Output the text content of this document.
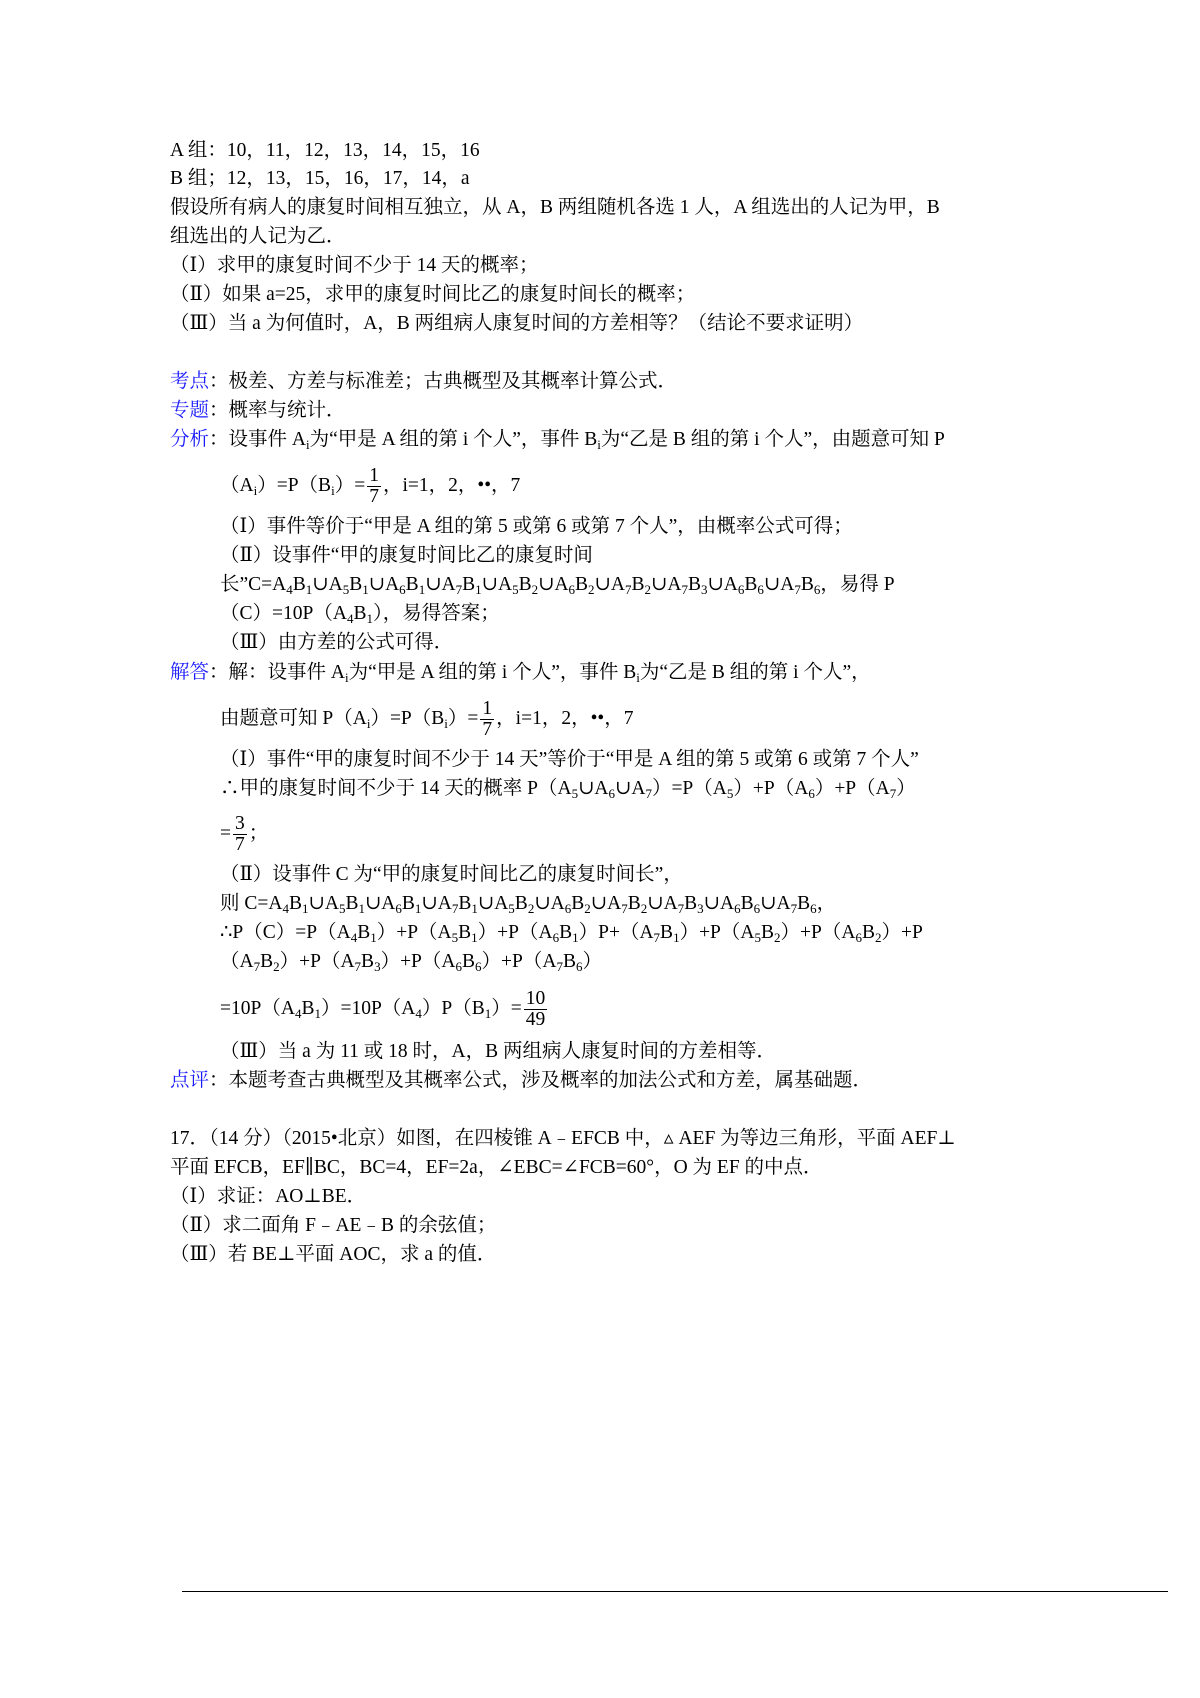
A 组：10，11，12，13，14，15，16
B 组；12，13，15，16，17，14，a
假设所有病人的康复时间相互独立，从 A，B 两组随机各选 1 人，A 组选出的人记为甲，B
组选出的人记为乙．
（Ⅰ）求甲的康复时间不少于 14 天的概率；
（Ⅱ）如果 a=25，求甲的康复时间比乙的康复时间长的概率；
（Ⅲ）当 a 为何值时，A，B 两组病人康复时间的方差相等？（结论不要求证明）
考点：极差、方差与标准差；古典概型及其概率计算公式．
专题：概率与统计．
分析：设事件 $A_i$为“甲是 A 组的第 i 个人”，事件 $B_i$为“乙是 B 组的第 i 个人”，由题意可知 P
$(A_i)=P(B_i)= \frac{1}{7}$ ，i=1，2，••，7
（Ⅰ）事件等价于“甲是 A 组的第 5 或第 6 或第 7 个人”，由概率公式可得；
（Ⅱ）设事件“甲的康复时间比乙的康复时间
长$”C=A_4B_1\cup A_5B_1\cup A_6B_1\cup A_7B_1\cup A_5B_2\cup A_6B_2\cup A_7B_2\cup A_7B_3\cup A_6B_6\cup A_7B_6$，易得 P
$(C)=10P(A_4B_1)$，易得答案；
（Ⅲ）由方差的公式可得．
解答：解：设事件 $A_i$为“甲是 A 组的第 i 个人”，事件 $B_i$为“乙是 B 组的第 i 个人”，
由题意可知 $P(A_i)=P(B_i)= \frac{1}{7}$ ，i=1，2，••，7
（Ⅰ）事件“甲的康复时间不少于 14 天”等价于“甲是 A 组的第 5 或第 6 或第 7 个人”
∴甲的康复时间不少于 14 天的概率 $P(A_5\cup A_6\cup A_7)=P(A_5)+P(A_6)+P(A_7)$
= $\frac{3}{7}$ ；
（Ⅱ）设事件 C 为“甲的康复时间比乙的康复时间长”，
则 $C=A_4B_1\cup A_5B_1\cup A_6B_1\cup A_7B_1\cup A_5B_2\cup A_6B_2\cup A_7B_2\cup A_7B_3\cup A_6B_6\cup A_7B_6$，
$\therefore P(C)=P(A_4B_1)+P(A_5B_1)+P(A_6B_1)P+(A_7B_1)+P(A_5B_2)+P(A_6B_2)+P$
$(A_7B_2)+P(A_7B_3)+P(A_6B_6)+P(A_7B_6)$
$=10P(A_4B_1)=10P(A_4)P(B_1)= \frac{10}{49}$
（Ⅲ）当 a 为 11 或 18 时，A，B 两组病人康复时间的方差相等．
点评：本题考查古典概型及其概率公式，涉及概率的加法公式和方差，属基础题．
17．（14 分）（2015•北京）如图，在四棱锥 A﹣EFCB 中，▵ AEF 为等边三角形，平面 AEF⊥
平面 EFCB，EF∥BC，BC=4，EF=2a，∠EBC=∠FCB=60°，O 为 EF 的中点．
（Ⅰ）求证：AO⊥BE．
（Ⅱ）求二面角 F﹣AE﹣B 的余弦值；
（Ⅲ）若 BE⊥平面 AOC，求 a 的值．
